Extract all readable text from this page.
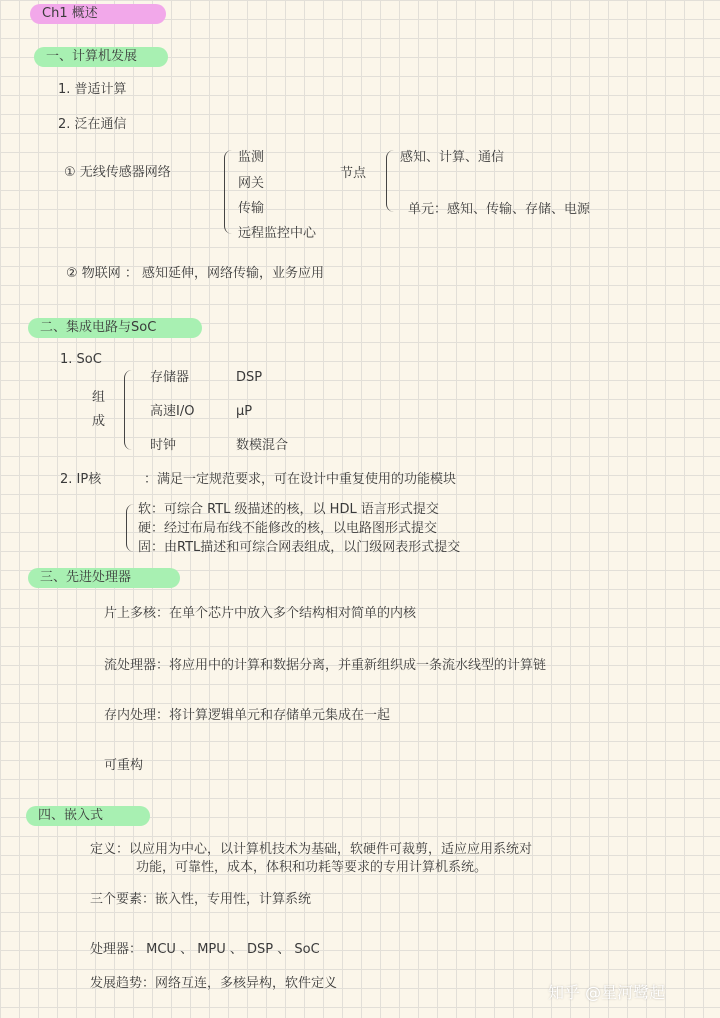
Ch1 概述
一、计算机发展
1. 普适计算
2. 泛在通信
① 无线传感器网络
监测
网关
传输
远程监控中心
节点
感知、计算、通信
单元：感知、传输、存储、电源
② 物联网 ： 感知延伸，网络传输，业务应用
二、集成电路与SoC
1. SoC
组
成
存储器	DSP
高速I/O	μP
时钟	数模混合
2. IP核	：满足一定规范要求，可在设计中重复使用的功能模块
软：可综合 RTL 级描述的核，以 HDL 语言形式提交
硬：经过布局布线不能修改的核，以电路图形式提交
固：由RTL描述和可综合网表组成，以门级网表形式提交
三、先进处理器
片上多核：在单个芯片中放入多个结构相对简单的内核
流处理器：将应用中的计算和数据分离，并重新组织成一条流水线型的计算链
存内处理：将计算逻辑单元和存储单元集成在一起
可重构
四、嵌入式
定义：以应用为中心，以计算机技术为基础，软硬件可裁剪，适应应用系统对
功能，可靠性，成本，体积和功耗等要求的专用计算机系统。
三个要素：嵌入性，专用性，计算系统
处理器： MCU 、 MPU 、 DSP 、 SoC
发展趋势：网络互连，多核异构，软件定义	知乎 @星河鹭起
